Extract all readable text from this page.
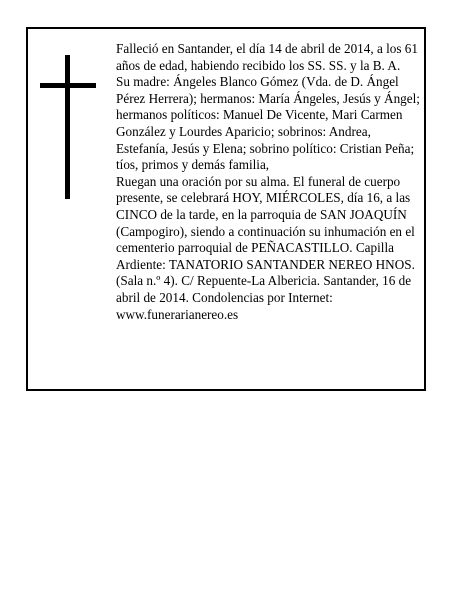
Falleció en Santander, el día 14 de abril de 2014, a los 61 años de edad, habiendo recibido los SS. SS. y la B. A.

Su madre: Ángeles Blanco Gómez (Vda. de D. Ángel Pérez Herrera); hermanos: María Ángeles, Jesús y Ángel; hermanos políticos: Manuel De Vicente, Mari Carmen González y Lourdes Aparicio; sobrinos: Andrea, Estefanía, Jesús y Elena; sobrino político: Cristian Peña; tíos, primos y demás familia,

Ruegan una oración por su alma. El funeral de cuerpo presente, se celebrará HOY, MIÉRCOLES, día 16, a las CINCO de la tarde, en la parroquia de SAN JOAQUÍN (Campogiro), siendo a continuación su inhumación en el cementerio parroquial de PEÑACASTILLO. Capilla Ardiente: TANATORIO SANTANDER NEREO HNOS. (Sala n.º 4). C/ Repuente-La Albericia. Santander, 16 de abril de 2014. Condolencias por Internet: www.funerarianereo.es
